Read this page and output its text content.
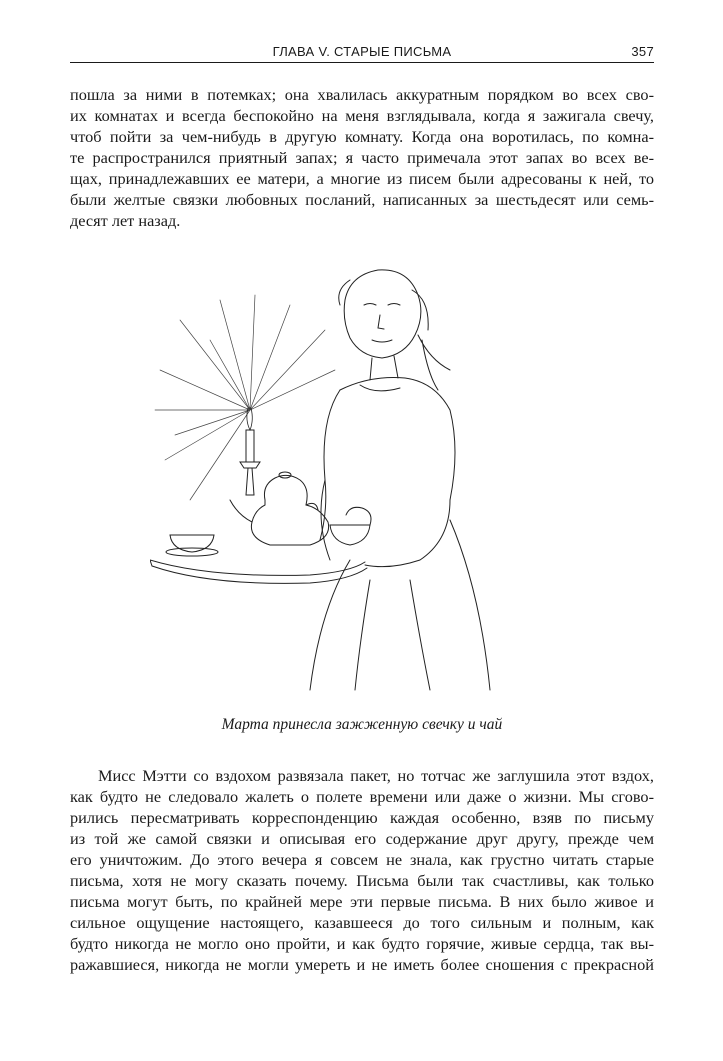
ГЛАВА V. СТАРЫЕ ПИСЬМА	357

пошла за ними в потемках; она хвалилась аккуратным порядком во всех сво-
их комнатах и всегда беспокойно на меня взглядывала, когда я зажигала свечу,
чтоб пойти за чем-нибудь в другую комнату. Когда она воротилась, по комна-
те распространился приятный запах; я часто примечала этот запах во всех ве-
щах, принадлежавших ее матери, а многие из писем были адресованы к ней, то
были желтые связки любовных посланий, написанных за шестьдесят или семь-
десят лет назад.

Марта принесла зажженную свечку и чай

Мисс Мэтти со вздохом развязала пакет, но тотчас же заглушила этот вздох,
как будто не следовало жалеть о полете времени или даже о жизни. Мы сгово-
рились пересматривать корреспонденцию каждая особенно, взяв по письму
из той же самой связки и описывая его содержание друг другу, прежде чем
его уничтожим. До этого вечера я совсем не знала, как грустно читать старые
письма, хотя не могу сказать почему. Письма были так счастливы, как только
письма могут быть, по крайней мере эти первые письма. В них было живое и
сильное ощущение настоящего, казавшееся до того сильным и полным, как
будто никогда не могло оно пройти, и как будто горячие, живые сердца, так вы-
ражавшиеся, никогда не могли умереть и не иметь более сношения с прекрасной
